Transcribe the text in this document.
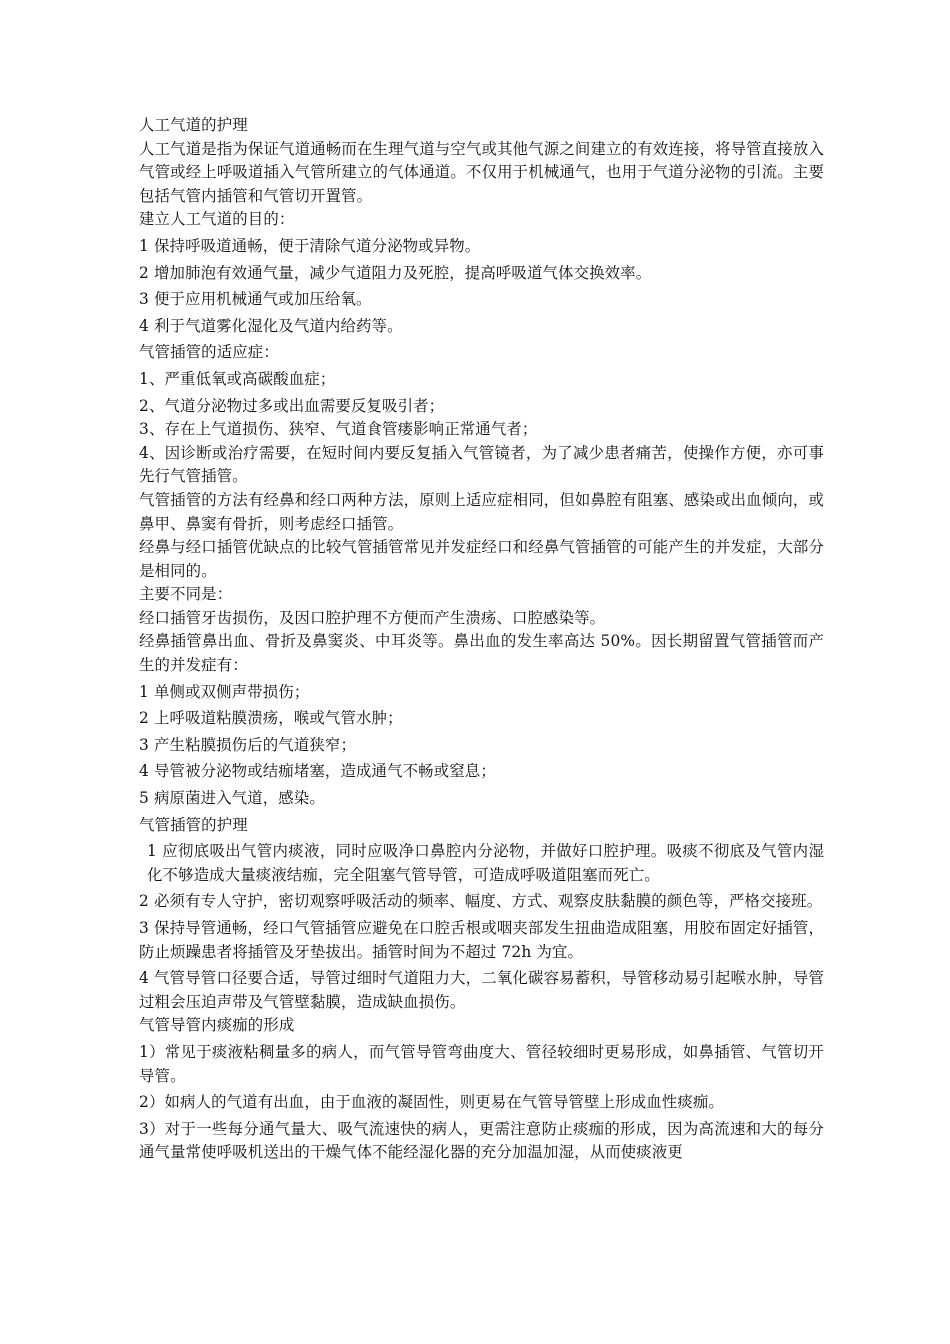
人工气道的护理

人工气道是指为保证气道通畅而在生理气道与空气或其他气源之间建立的有效连接，将导管直接放入气管或经上呼吸道插入气管所建立的气体通道。不仅用于机械通气，也用于气道分泌物的引流。主要包括气管内插管和气管切开置管。

建立人工气道的目的：

1 保持呼吸道通畅，便于清除气道分泌物或异物。

2 增加肺泡有效通气量，减少气道阻力及死腔，提高呼吸道气体交换效率。

3 便于应用机械通气或加压给氧。

4 利于气道雾化湿化及气道内给药等。

气管插管的适应症：

1、严重低氧或高碳酸血症；

2、气道分泌物过多或出血需要反复吸引者；

3、存在上气道损伤、狭窄、气道食管瘘影响正常通气者；

4、因诊断或治疗需要，在短时间内要反复插入气管镜者，为了减少患者痛苦，使操作方便，亦可事先行气管插管。

气管插管的方法有经鼻和经口两种方法，原则上适应症相同，但如鼻腔有阻塞、感染或出血倾向，或鼻甲、鼻窦有骨折，则考虑经口插管。

经鼻与经口插管优缺点的比较气管插管常见并发症经口和经鼻气管插管的可能产生的并发症，大部分是相同的。

主要不同是：

经口插管牙齿损伤，及因口腔护理不方便而产生溃疡、口腔感染等。

经鼻插管鼻出血、骨折及鼻窦炎、中耳炎等。鼻出血的发生率高达 50%。因长期留置气管插管而产生的并发症有：

1 单侧或双侧声带损伤；

2 上呼吸道粘膜溃疡，喉或气管水肿；

3 产生粘膜损伤后的气道狭窄；

4 导管被分泌物或结痂堵塞，造成通气不畅或窒息；

5 病原菌进入气道，感染。

气管插管的护理

1 应彻底吸出气管内痰液，同时应吸净口鼻腔内分泌物，并做好口腔护理。吸痰不彻底及气管内湿化不够造成大量痰液结痂，完全阻塞气管导管，可造成呼吸道阻塞而死亡。

2 必须有专人守护，密切观察呼吸活动的频率、幅度、方式、观察皮肤黏膜的颜色等，严格交接班。

3 保持导管通畅，经口气管插管应避免在口腔舌根或咽夹部发生扭曲造成阻塞，用胶布固定好插管，防止烦躁患者将插管及牙垫拔出。插管时间为不超过 72h 为宜。

4 气管导管口径要合适，导管过细时气道阻力大，二氧化碳容易蓄积，导管移动易引起喉水肿，导管过粗会压迫声带及气管壁黏膜，造成缺血损伤。

气管导管内痰痂的形成

1）常见于痰液粘稠量多的病人，而气管导管弯曲度大、管径较细时更易形成，如鼻插管、气管切开导管。

2）如病人的气道有出血，由于血液的凝固性，则更易在气管导管壁上形成血性痰痂。

3）对于一些每分通气量大、吸气流速快的病人，更需注意防止痰痂的形成，因为高流速和大的每分通气量常使呼吸机送出的干燥气体不能经湿化器的充分加温加湿，从而使痰液更
